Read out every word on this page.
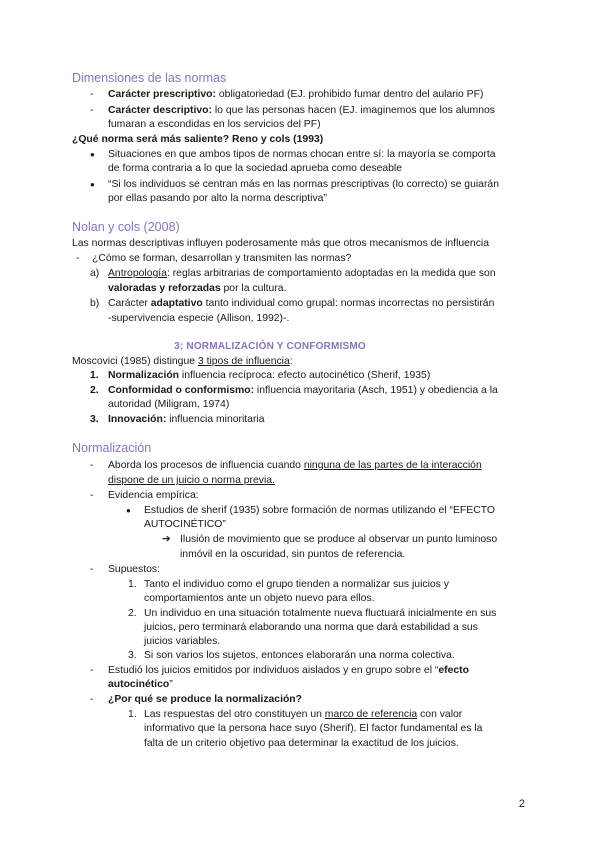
Dimensiones de las normas
- Carácter prescriptivo: obligatoriedad (EJ. prohibido fumar dentro del aulario PF)
- Carácter descriptivo: lo que las personas hacen (EJ. imaginemos que los alumnos
fumaran a escondidas en los servicios del PF)
¿Qué norma será más saliente? Reno y cols (1993)
● Situaciones en que ambos tipos de normas chocan entre sí: la mayoría se comporta
de forma contraria a lo que la sociedad aprueba como deseable
● “Si los individuos se centran más en las normas prescriptivas (lo correcto) se guiarán
por ellas pasando por alto la norma descriptiva”
Nolan y cols (2008)
Las normas descriptivas influyen poderosamente más que otros mecanismos de influencia
- ¿Cómo se forman, desarrollan y transmiten las normas?
a) Antropología: reglas arbitrarias de comportamiento adoptadas en la medida que son
valoradas y reforzadas por la cultura.
b) Carácter adaptativo tanto individual como grupal: normas incorrectas no persistirán
-supervivencia especie (Allison, 1992)-.
3; NORMALIZACIÓN Y CONFORMISMO
Moscovici (1985) distingue 3 tipos de influencia:
1. Normalización influencia recíproca: efecto autocinético (Sherif, 1935)
2. Conformidad o conformismo: influencia mayoritaria (Asch, 1951) y obediencia a la
autoridad (Miligram, 1974)
3. Innovación: influencia minoritaria
Normalización
- Aborda los procesos de influencia cuando ninguna de las partes de la interacción
dispone de un juicio o norma previa.
- Evidencia empírica:
● Estudios de sherif (1935) sobre formación de normas utilizando el “EFECTO
AUTOCINÉTICO”
➔ Ilusión de movimiento que se produce al observar un punto luminoso
inmóvil en la oscuridad, sin puntos de referencia.
- Supuestos:
1. Tanto el individuo como el grupo tienden a normalizar sus juicios y
comportamientos ante un objeto nuevo para ellos.
2. Un individuo en una situación totalmente nueva fluctuará inicialmente en sus
juicios, pero terminará elaborando una norma que dará estabilidad a sus
juicios variables.
3. Si son varios los sujetos, entonces elaborarán una norma colectiva.
- Estudió los juicios emitidos por individuos aislados y en grupo sobre el “efecto
autocinético”
- ¿Por qué se produce la normalización?
1. Las respuestas del otro constituyen un marco de referencia con valor
informativo que la persona hace suyo (Sherif). El factor fundamental es la
falta de un criterio objetivo paa determinar la exactitud de los juicios.
2
